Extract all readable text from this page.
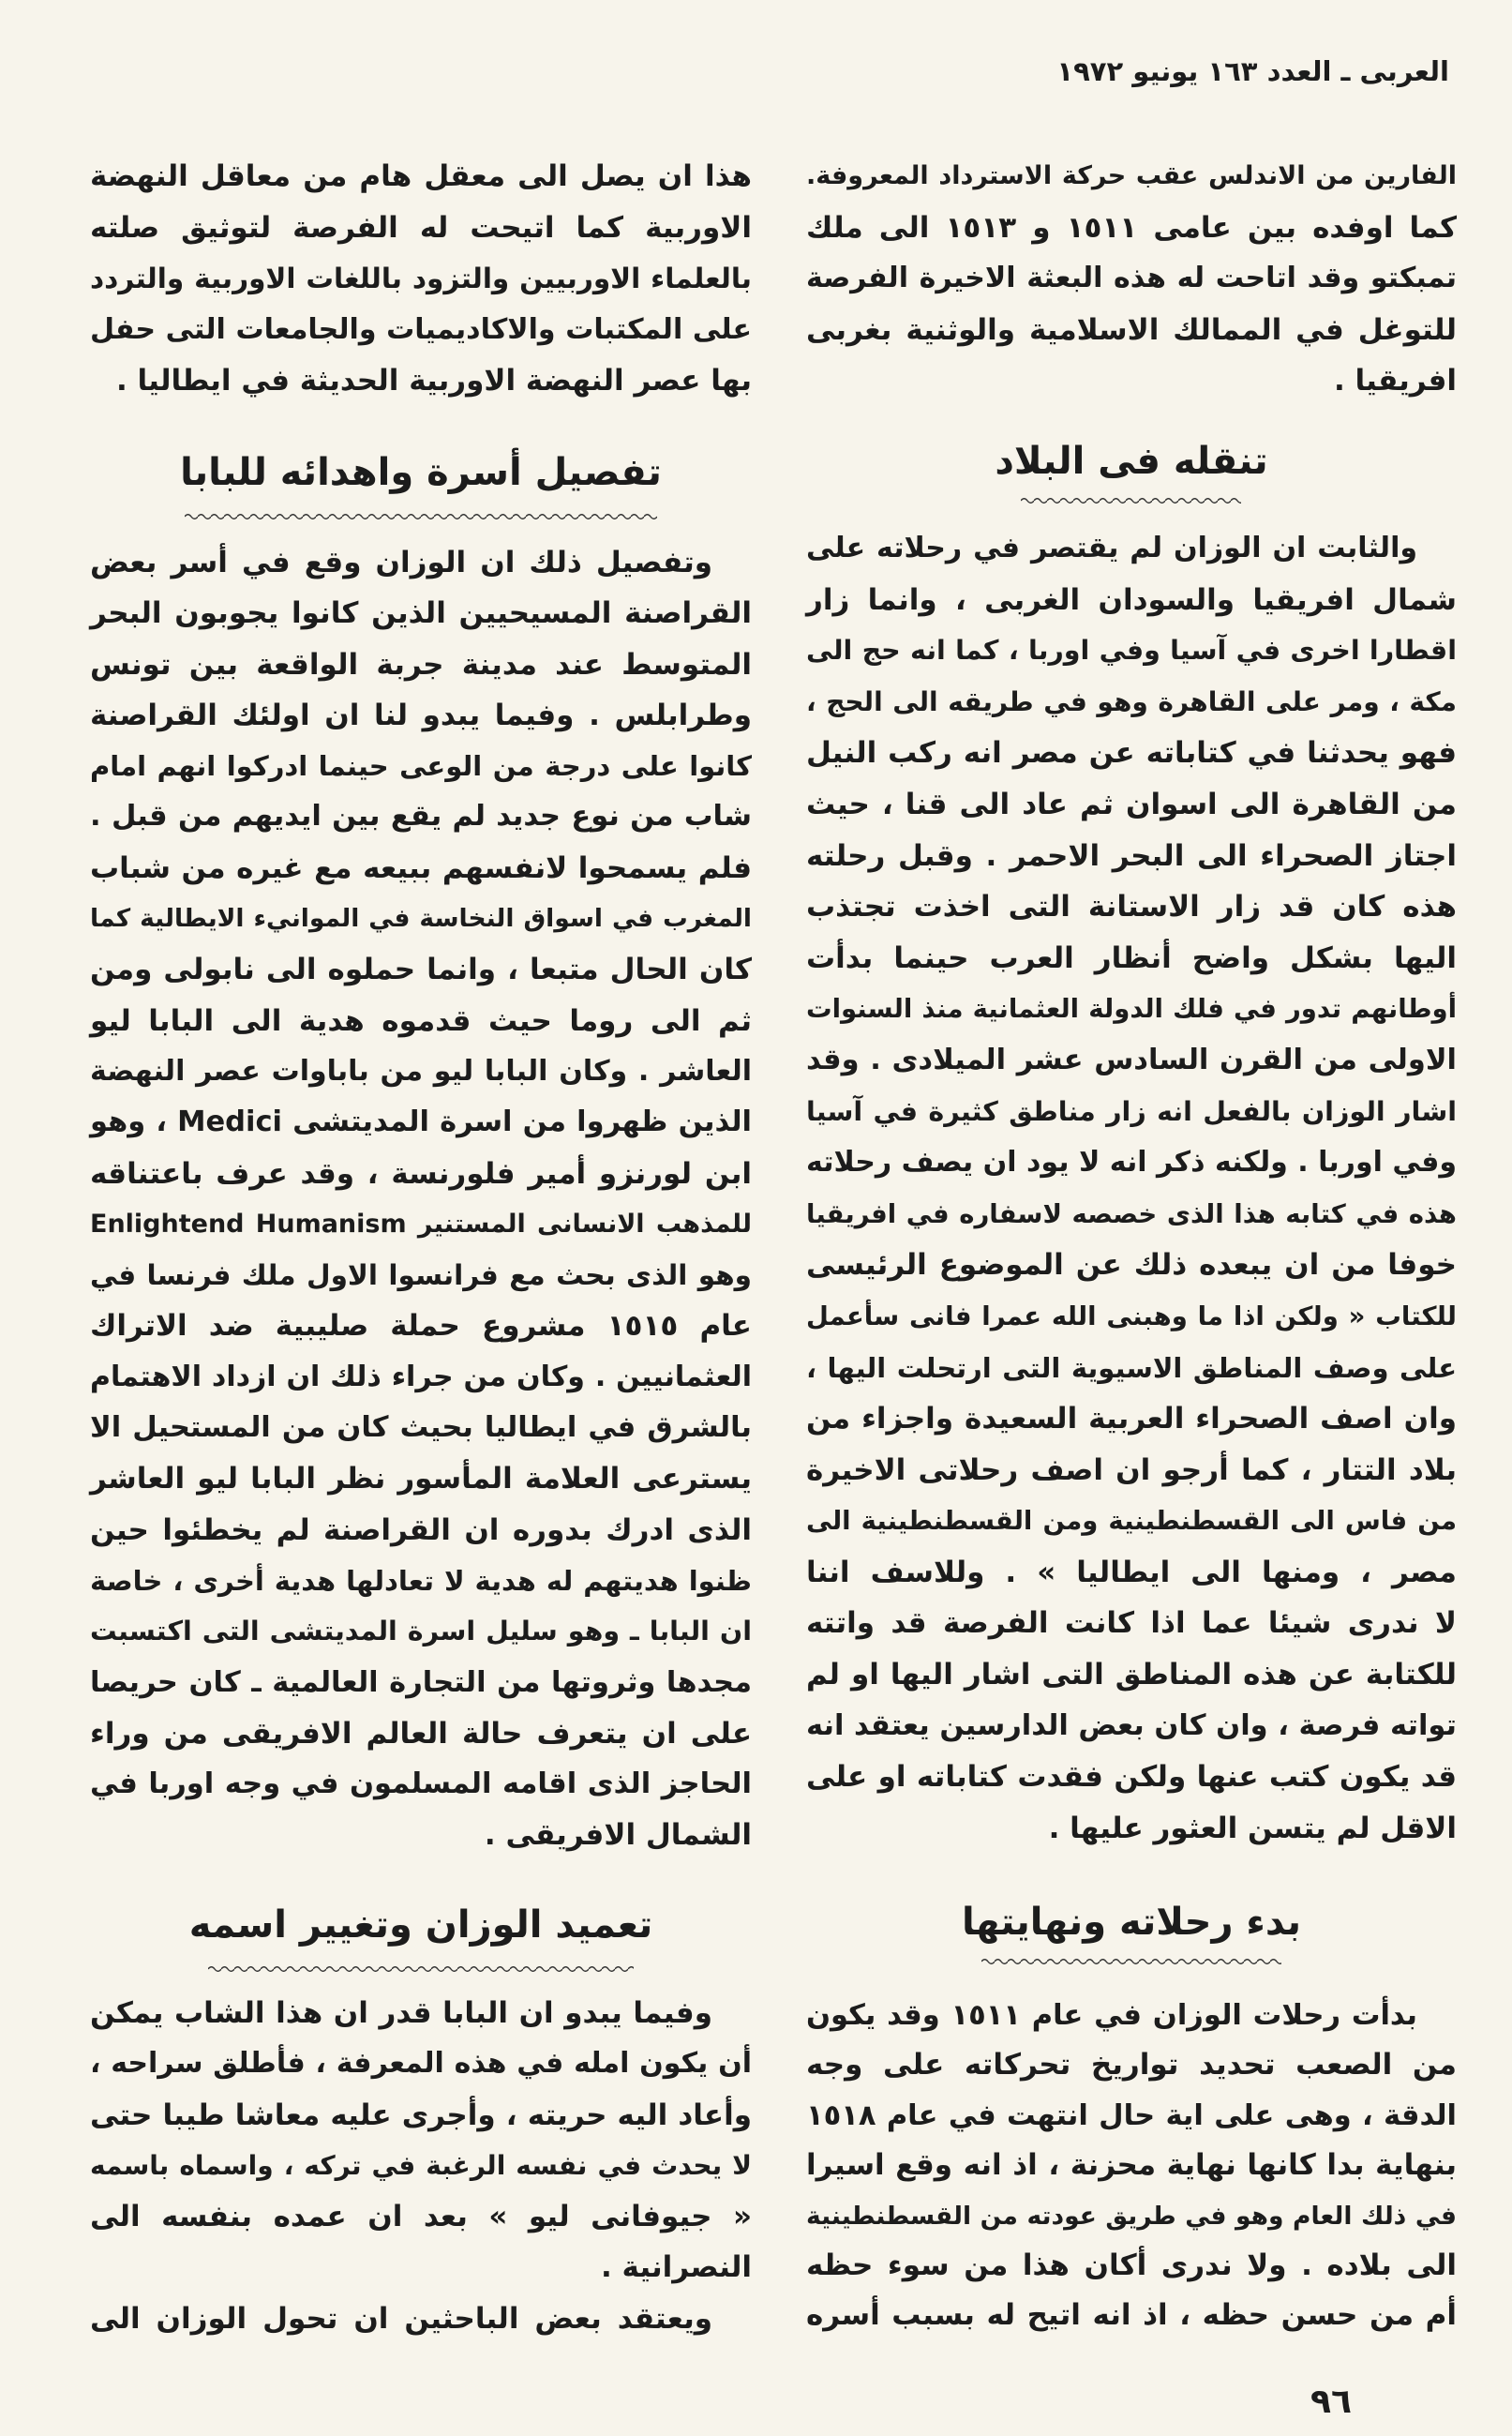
العربى ـ العدد ١٦٣ يونيو ١٩٧٢
الفارين من الاندلس عقب حركة الاسترداد المعروفة.
كما اوفده بين عامى ١٥١١ و ١٥١٣ الى ملك
تمبكتو وقد اتاحت له هذه البعثة الاخيرة الفرصة
للتوغل في الممالك الاسلامية والوثنية بغربى
افريقيا .
تنقله فى البلاد
والثابت ان الوزان لم يقتصر في رحلاته على
شمال افريقيا والسودان الغربى ، وانما زار
اقطارا اخرى في آسيا وفي اوربا ، كما انه حج الى
مكة ، ومر على القاهرة وهو في طريقه الى الحج ،
فهو يحدثنا في كتاباته عن مصر انه ركب النيل
من القاهرة الى اسوان ثم عاد الى قنا ، حيث
اجتاز الصحراء الى البحر الاحمر . وقبل رحلته
هذه كان قد زار الاستانة التى اخذت تجتذب
اليها بشكل واضح أنظار العرب حينما بدأت
أوطانهم تدور في فلك الدولة العثمانية منذ السنوات
الاولى من القرن السادس عشر الميلادى . وقد
اشار الوزان بالفعل انه زار مناطق كثيرة في آسيا
وفي اوربا . ولكنه ذكر انه لا يود ان يصف رحلاته
هذه في كتابه هذا الذى خصصه لاسفاره في افريقيا
خوفا من ان يبعده ذلك عن الموضوع الرئيسى
للكتاب « ولكن اذا ما وهبنى الله عمرا فانى سأعمل
على وصف المناطق الاسيوية التى ارتحلت اليها ،
وان اصف الصحراء العربية السعيدة واجزاء من
بلاد التتار ، كما أرجو ان اصف رحلاتى الاخيرة
من فاس الى القسطنطينية ومن القسطنطينية الى
مصر ، ومنها الى ايطاليا » . وللاسف اننا
لا ندرى شيئا عما اذا كانت الفرصة قد واتته
للكتابة عن هذه المناطق التى اشار اليها او لم
تواته فرصة ، وان كان بعض الدارسين يعتقد انه
قد يكون كتب عنها ولكن فقدت كتاباته او على
الاقل لم يتسن العثور عليها .
بدء رحلاته ونهايتها
بدأت رحلات الوزان في عام ١٥١١ وقد يكون
من الصعب تحديد تواريخ تحركاته على وجه
الدقة ، وهى على اية حال انتهت في عام ١٥١٨
بنهاية بدا كانها نهاية محزنة ، اذ انه وقع اسيرا
في ذلك العام وهو في طريق عودته من القسطنطينية
الى بلاده . ولا ندرى أكان هذا من سوء حظه
أم من حسن حظه ، اذ انه اتيح له بسبب أسره
هذا ان يصل الى معقل هام من معاقل النهضة
الاوربية كما اتيحت له الفرصة لتوثيق صلته
بالعلماء الاوربيين والتزود باللغات الاوربية والتردد
على المكتبات والاكاديميات والجامعات التى حفل
بها عصر النهضة الاوربية الحديثة في ايطاليا .
تفصيل أسرة واهدائه للبابا
وتفصيل ذلك ان الوزان وقع في أسر بعض
القراصنة المسيحيين الذين كانوا يجوبون البحر
المتوسط عند مدينة جربة الواقعة بين تونس
وطرابلس . وفيما يبدو لنا ان اولئك القراصنة
كانوا على درجة من الوعى حينما ادركوا انهم امام
شاب من نوع جديد لم يقع بين ايديهم من قبل .
فلم يسمحوا لانفسهم ببيعه مع غيره من شباب
المغرب في اسواق النخاسة في الموانيء الايطالية كما
كان الحال متبعا ، وانما حملوه الى نابولى ومن
ثم الى روما حيث قدموه هدية الى البابا ليو
العاشر . وكان البابا ليو من باباوات عصر النهضة
الذين ظهروا من اسرة المديتشى Medici ، وهو
ابن لورنزو أمير فلورنسة ، وقد عرف باعتناقه
للمذهب الانسانى المستنير Enlightend Humanism
وهو الذى بحث مع فرانسوا الاول ملك فرنسا في
عام ١٥١٥ مشروع حملة صليبية ضد الاتراك
العثمانيين . وكان من جراء ذلك ان ازداد الاهتمام
بالشرق في ايطاليا بحيث كان من المستحيل الا
يسترعى العلامة المأسور نظر البابا ليو العاشر
الذى ادرك بدوره ان القراصنة لم يخطئوا حين
ظنوا هديتهم له هدية لا تعادلها هدية أخرى ، خاصة
ان البابا ـ وهو سليل اسرة المديتشى التى اكتسبت
مجدها وثروتها من التجارة العالمية ـ كان حريصا
على ان يتعرف حالة العالم الافريقى من وراء
الحاجز الذى اقامه المسلمون في وجه اوربا في
الشمال الافريقى .
تعميد الوزان وتغيير اسمه
وفيما يبدو ان البابا قدر ان هذا الشاب يمكن
أن يكون امله في هذه المعرفة ، فأطلق سراحه ،
وأعاد اليه حريته ، وأجرى عليه معاشا طيبا حتى
لا يحدث في نفسه الرغبة في تركه ، واسماه باسمه
« جيوفانى ليو » بعد ان عمده بنفسه الى
النصرانية .
ويعتقد بعض الباحثين ان تحول الوزان الى
٩٦
